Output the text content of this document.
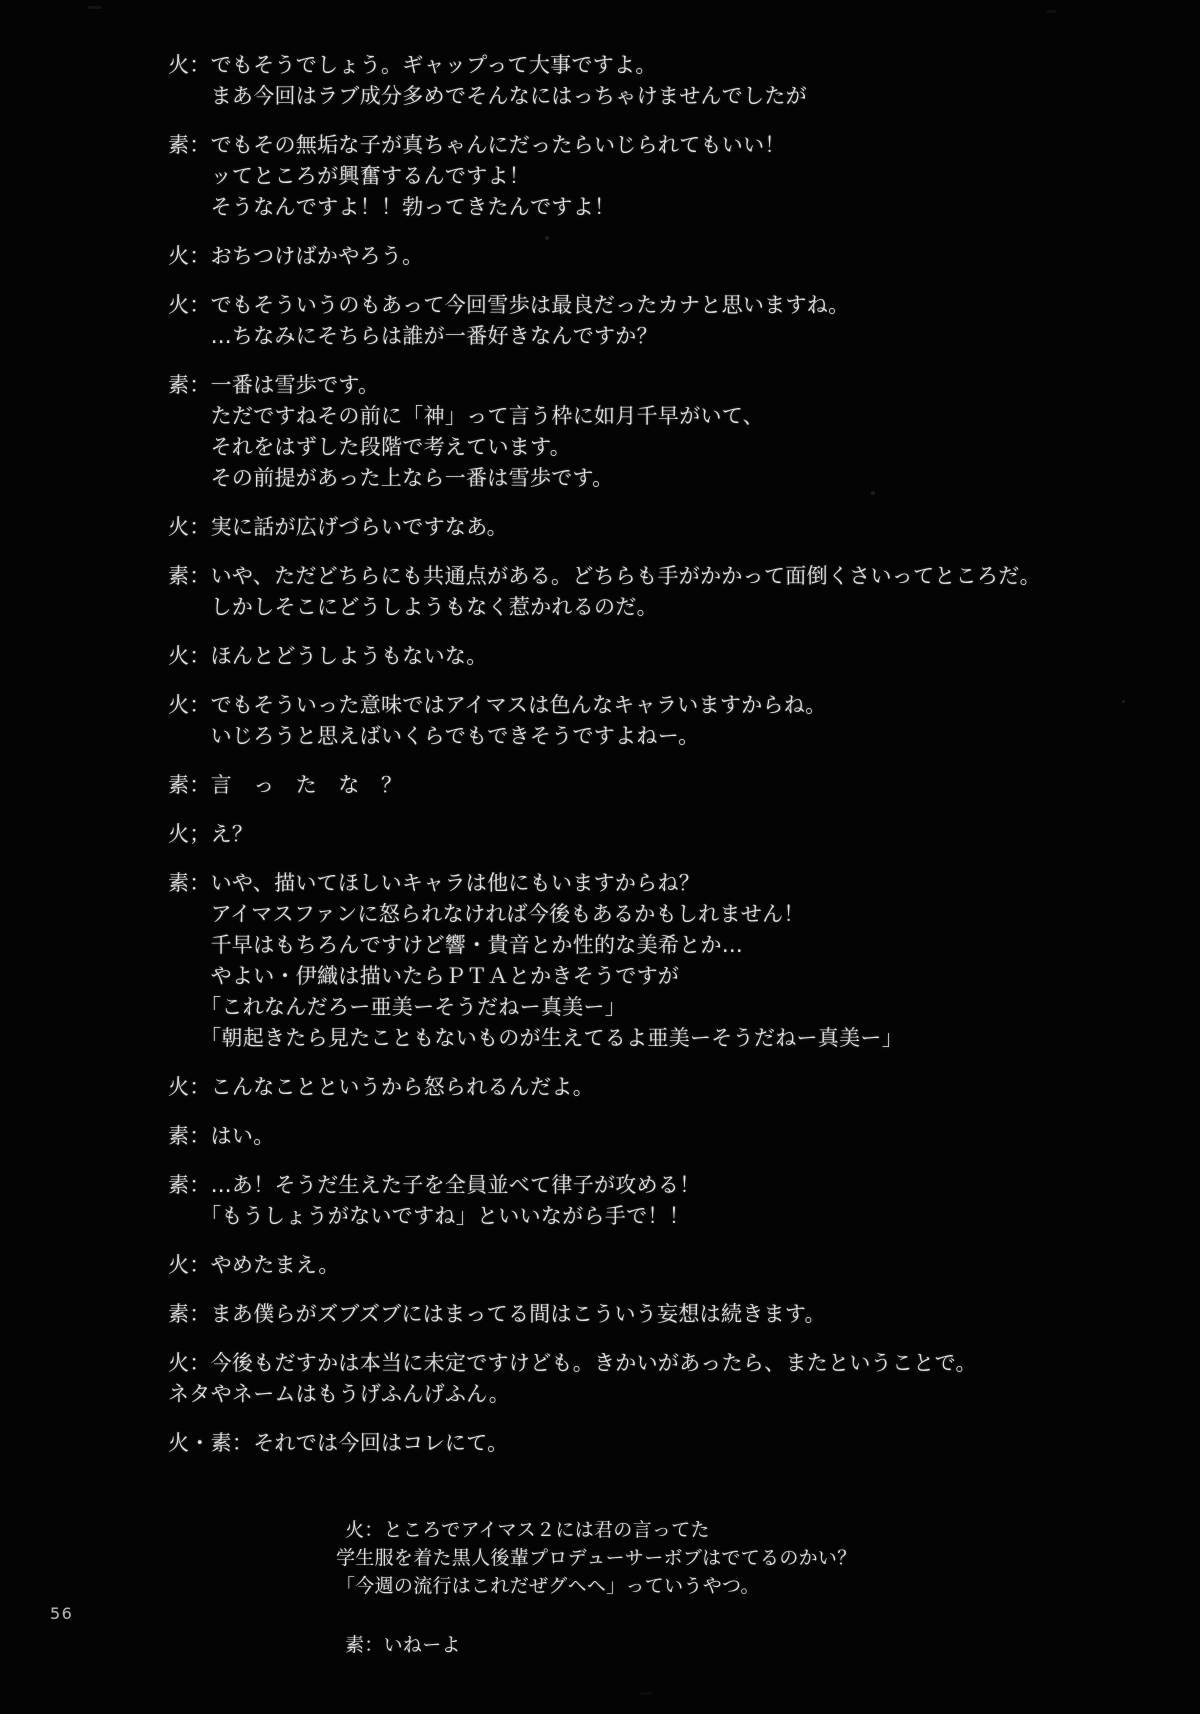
火：でもそうでしょう。ギャップって大事ですよ。
　　まあ今回はラブ成分多めでそんなにはっちゃけませんでしたが
素：でもその無垢な子が真ちゃんにだったらいじられてもいい！
　　ッてところが興奮するんですよ！
　　そうなんですよ！！勃ってきたんですよ！
火：おちつけばかやろう。
火：でもそういうのもあって今回雪歩は最良だったカナと思いますね。
　　…ちなみにそちらは誰が一番好きなんですか？
素：一番は雪歩です。
　　ただですねその前に「神」って言う枠に如月千早がいて、
　　それをはずした段階で考えています。
　　その前提があった上なら一番は雪歩です。
火：実に話が広げづらいですなあ。
素：いや、ただどちらにも共通点がある。どちらも手がかかって面倒くさいってところだ。
　　しかしそこにどうしようもなく惹かれるのだ。
火：ほんとどうしようもないな。
火：でもそういった意味ではアイマスは色んなキャラいますからね。
　　いじろうと思えばいくらでもできそうですよねー。
素：言　っ　た　な　？
火；え？
素：いや、描いてほしいキャラは他にもいますからね？
　　アイマスファンに怒られなければ今後もあるかもしれません！
　　千早はもちろんですけど響・貴音とか性的な美希とか…
　　やよい・伊織は描いたらＰＴＡとかきそうですが
　　「これなんだろー亜美ーそうだねー真美ー」
　　「朝起きたら見たこともないものが生えてるよ亜美ーそうだねー真美ー」
火：こんなことというから怒られるんだよ。
素：はい。
素：…あ！そうだ生えた子を全員並べて律子が攻める！
　　「もうしょうがないですね」といいながら手で！！
火：やめたまえ。
素：まあ僕らがズブズブにはまってる間はこういう妄想は続きます。
火：今後もだすかは本当に未定ですけども。きかいがあったら、またということで。
ネタやネームはもうげふんげふん。
火・素：それでは今回はコレにて。
火：ところでアイマス２には君の言ってた
学生服を着た黒人後輩プロデューサーボブはでてるのかい？
「今週の流行はこれだぜグヘヘ」っていうやつ。
素：いねーよ
56
